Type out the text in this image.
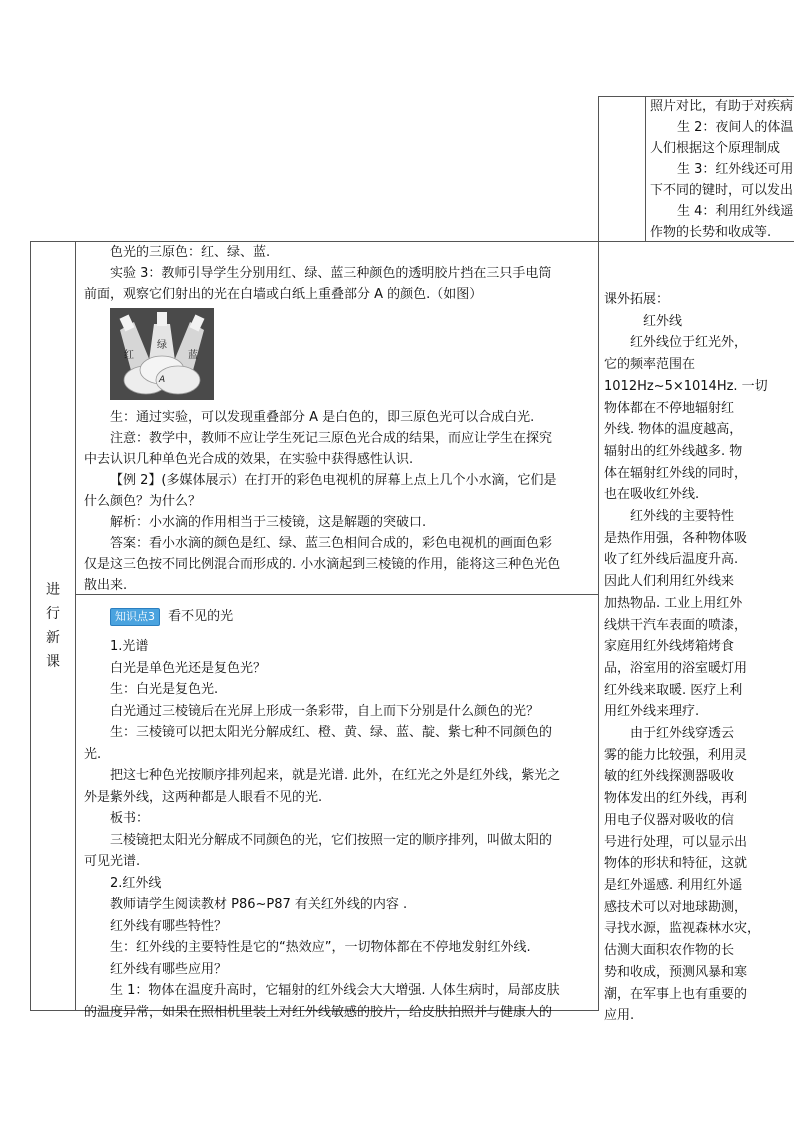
照片对比，有助于对疾病
生 2：夜间人的体温
人们根据这个原理制成
生 3：红外线还可用
下不同的键时，可以发出
生 4：利用红外线遥
作物的长势和收成等.
进
行
新
课
色光的三原色：红、绿、蓝.
实验 3：教师引导学生分别用红、绿、蓝三种颜色的透明胶片挡在三只手电筒
前面，观察它们射出的光在白墙或白纸上重叠部分 A 的颜色.（如图）
红
绿
蓝
A
生：通过实验，可以发现重叠部分 A 是白色的，即三原色光可以合成白光.
注意：教学中，教师不应让学生死记三原色光合成的结果，而应让学生在探究
中去认识几种单色光合成的效果，在实验中获得感性认识.
【例 2】(多媒体展示）在打开的彩色电视机的屏幕上点上几个小水滴，它们是
什么颜色？为什么？
解析：小水滴的作用相当于三棱镜，这是解题的突破口.
答案：看小水滴的颜色是红、绿、蓝三色相间合成的，彩色电视机的画面色彩
仅是这三色按不同比例混合而形成的. 小水滴起到三棱镜的作用，能将这三种色光色
散出来.
知识点3 看不见的光
1.光谱
白光是单色光还是复色光？
生：白光是复色光.
白光通过三棱镜后在光屏上形成一条彩带，自上而下分别是什么颜色的光？
生：三棱镜可以把太阳光分解成红、橙、黄、绿、蓝、靛、紫七种不同颜色的
光.
把这七种色光按顺序排列起来，就是光谱. 此外，在红光之外是红外线，紫光之
外是紫外线，这两种都是人眼看不见的光.
板书：
三棱镜把太阳光分解成不同颜色的光，它们按照一定的顺序排列，叫做太阳的
可见光谱.
2.红外线
教师请学生阅读教材 P86~P87 有关红外线的内容 .
红外线有哪些特性？
生：红外线的主要特性是它的“热效应”，一切物体都在不停地发射红外线.
红外线有哪些应用？
生 1：物体在温度升高时，它辐射的红外线会大大增强. 人体生病时，局部皮肤
的温度异常，如果在照相机里装上对红外线敏感的胶片，给皮肤拍照并与健康人的
课外拓展：
红外线
红外线位于红光外，
它的频率范围在
1012Hz~5×1014Hz. 一切
物体都在不停地辐射红
外线. 物体的温度越高，
辐射出的红外线越多. 物
体在辐射红外线的同时，
也在吸收红外线.
红外线的主要特性
是热作用强，各种物体吸
收了红外线后温度升高.
因此人们利用红外线来
加热物品. 工业上用红外
线烘干汽车表面的喷漆，
家庭用红外线烤箱烤食
品，浴室用的浴室暖灯用
红外线来取暖. 医疗上利
用红外线来理疗.
由于红外线穿透云
雾的能力比较强，利用灵
敏的红外线探测器吸收
物体发出的红外线，再利
用电子仪器对吸收的信
号进行处理，可以显示出
物体的形状和特征，这就
是红外遥感. 利用红外遥
感技术可以对地球勘测，
寻找水源，监视森林水灾，
估测大面积农作物的长
势和收成，预测风暴和寒
潮，在军事上也有重要的
应用.
